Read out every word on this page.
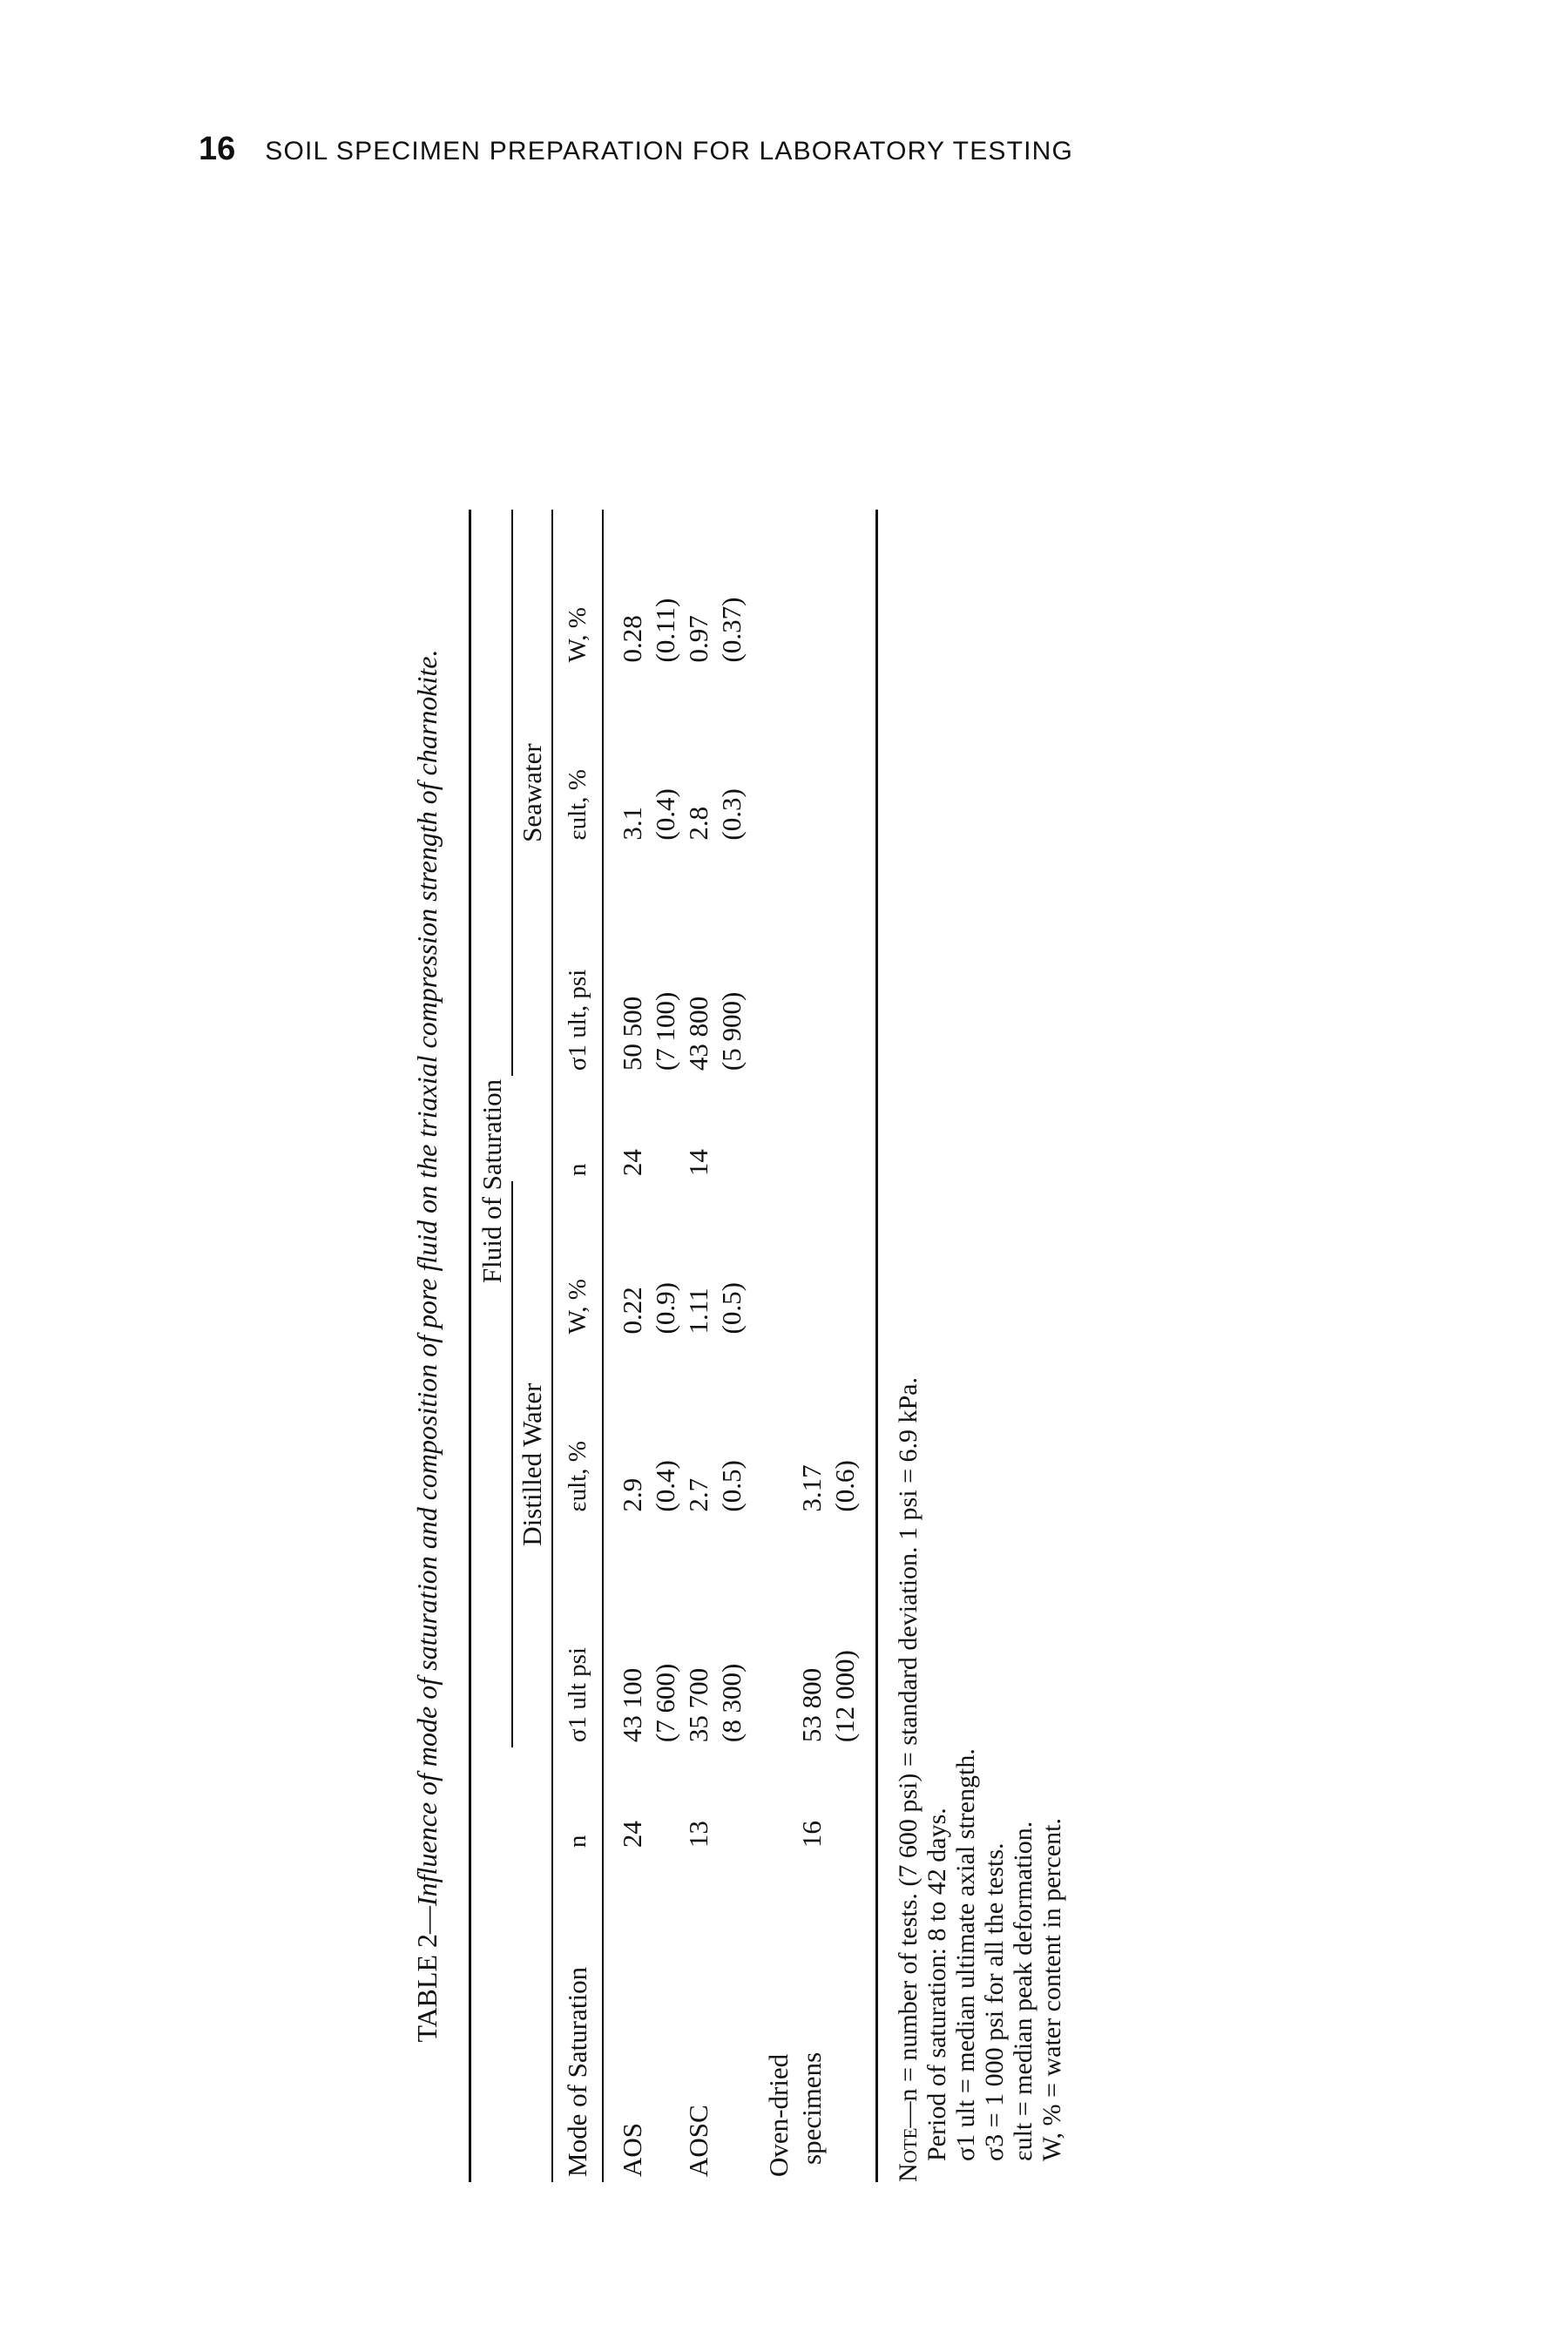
16 SOIL SPECIMEN PREPARATION FOR LABORATORY TESTING
TABLE 2—Influence of mode of saturation and composition of pore fluid on the triaxial compression strength of charnokite.
	Fluid of Saturation							
		Distilled Water				Seawater		
Mode of Saturation	n	σ1 ult psi	εult, %	W, %	n	σ1 ult, psi	εult, %	W, %
AOS	24	43 100	2.9	0.22	24	50 500	3.1	0.28
		(7 600)	(0.4)	(0.9)		(7 100)	(0.4)	(0.11)
AOSC	13	35 700	2.7	1.11	14	43 800	2.8	0.97
		(8 300)	(0.5)	(0.5)		(5 900)	(0.3)	(0.37)
Oven-dried								
specimens	16	53 800	3.17					
		(12 000)	(0.6)					
Note—n = number of tests. (7 600 psi) = standard deviation. 1 psi = 6.9 kPa. Period of saturation: 8 to 42 days. σ1 ult = median ultimate axial strength. σ3 = 1 000 psi for all the tests. εult = median peak deformation. W, % = water content in percent.
